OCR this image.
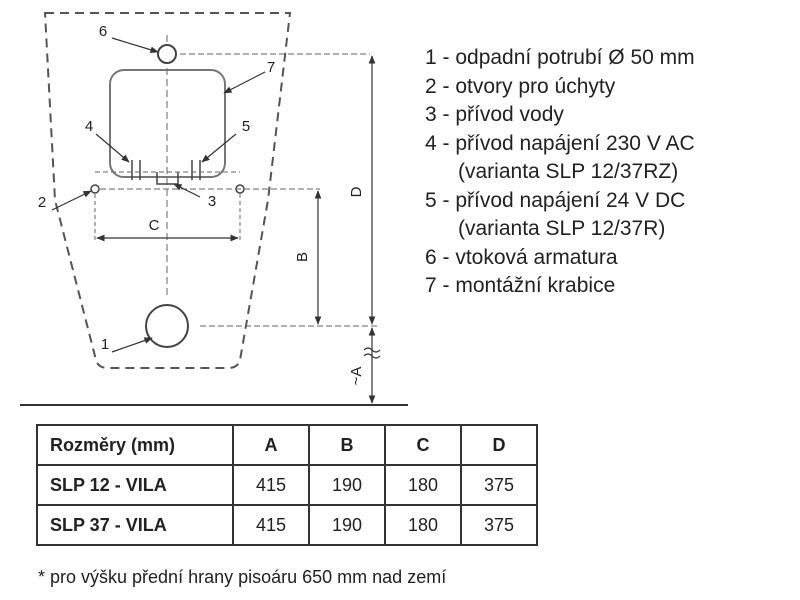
C
B
D
~A
6
7
4	5
3
2
1
1 - odpadní potrubí Ø 50 mm
2 - otvory pro úchyty
3 - přívod vody
4 - přívod napájení 230 V AC
(varianta SLP 12/37RZ)
5 - přívod napájení 24 V DC
(varianta SLP 12/37R)
6 - vtoková armatura
7 - montážní krabice
Rozměry (mm)	A	B	C	D
SLP 12 - VILA	415	190	180	375
SLP 37 - VILA	415	190	180	375
* pro výšku přední hrany pisoáru 650 mm nad zemí
